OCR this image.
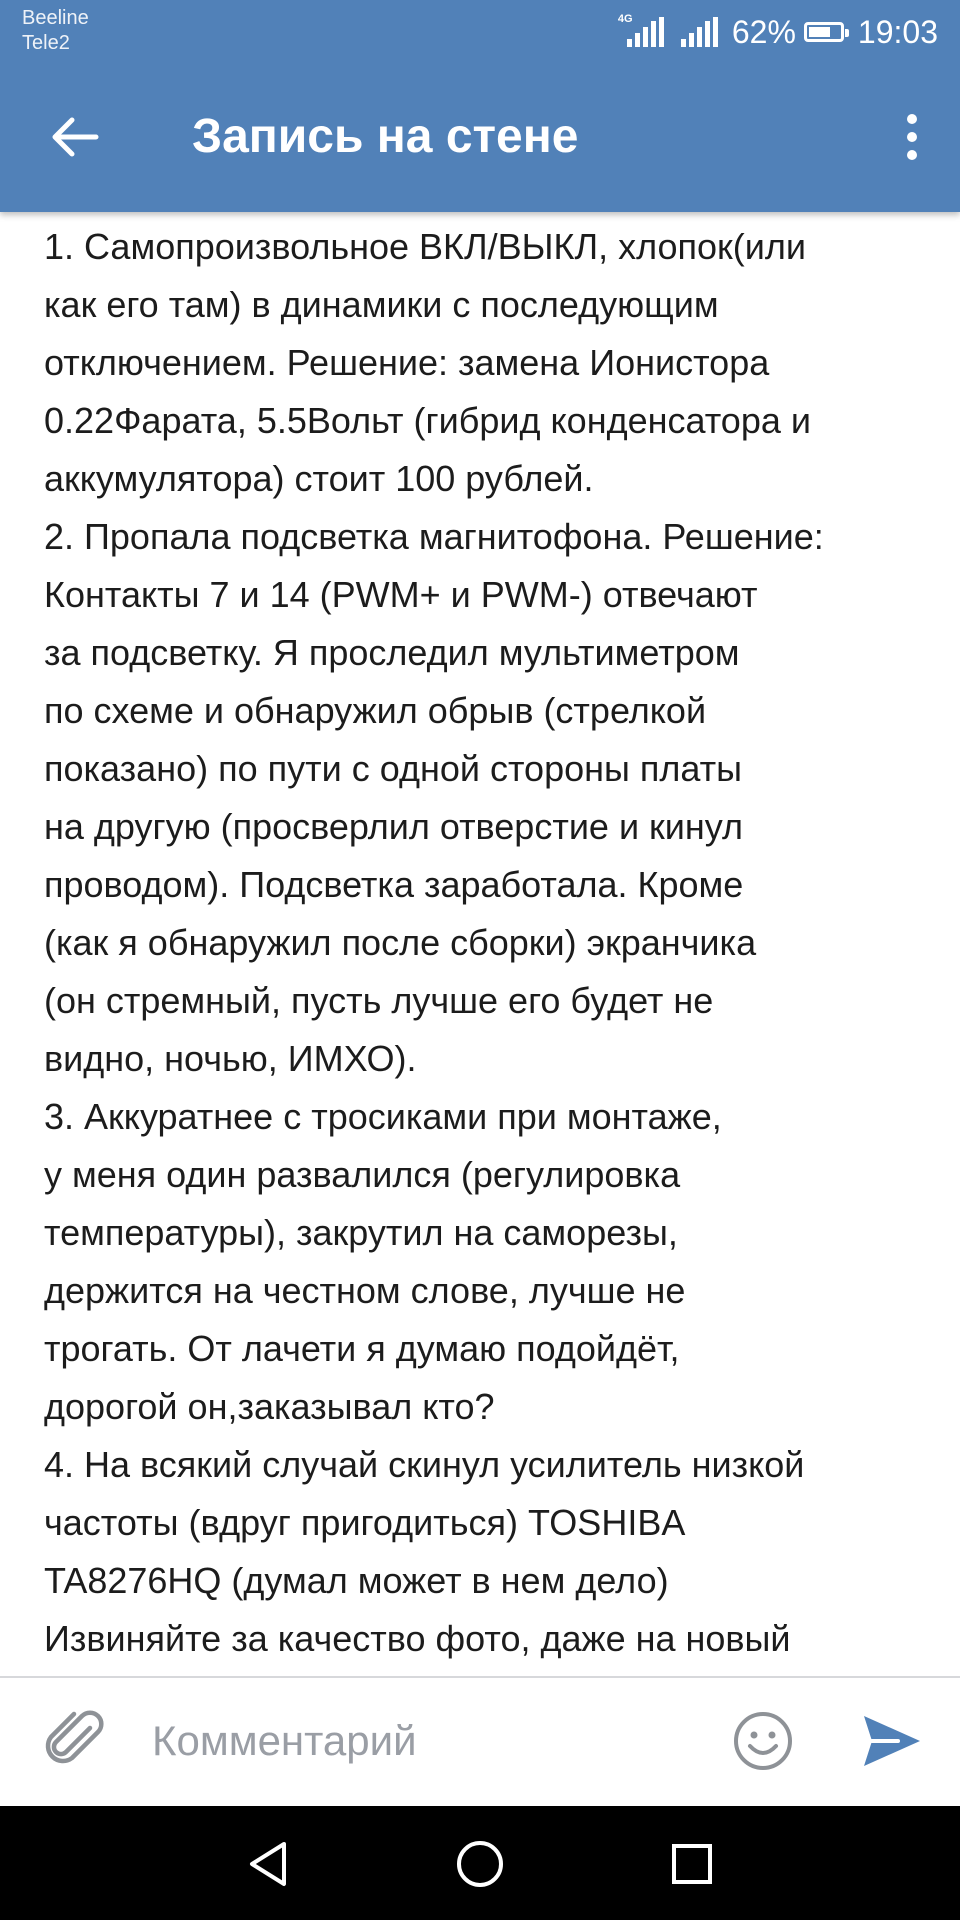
Beeline
Tele2
4G	62% 19:03
Запись на стене

1. Самопроизвольное ВКЛ/ВЫКЛ, хлопок(или

как его там) в динамики с последующим

отключением. Решение: замена Ионистора

0.22Фарата, 5.5Вольт (гибрид конденсатора и

аккумулятора) стоит 100 рублей.

2. Пропала подсветка магнитофона. Решение:

Контакты 7 и 14 (PWM+ и PWM-) отвечают

за подсветку. Я проследил мультиметром

по схеме и обнаружил обрыв (стрелкой

показано) по пути с одной стороны платы

на другую (просверлил отверстие и кинул

проводом). Подсветка заработала. Кроме

(как я обнаружил после сборки) экранчика

(он стремный, пусть лучше его будет не

видно, ночью, ИМХО).

3. Аккуратнее с тросиками при монтаже,

у меня один развалился (регулировка

температуры), закрутил на саморезы,

держится на честном слове, лучше не

трогать. От лачети я думаю подойдёт,

дорогой он,заказывал кто?

4. На всякий случай скинул усилитель низкой

частоты (вдруг пригодиться) TOSHIBA

TA8276HQ (думал может в нем дело)

Извиняйте за качество фото, даже на новый

Комментарий
